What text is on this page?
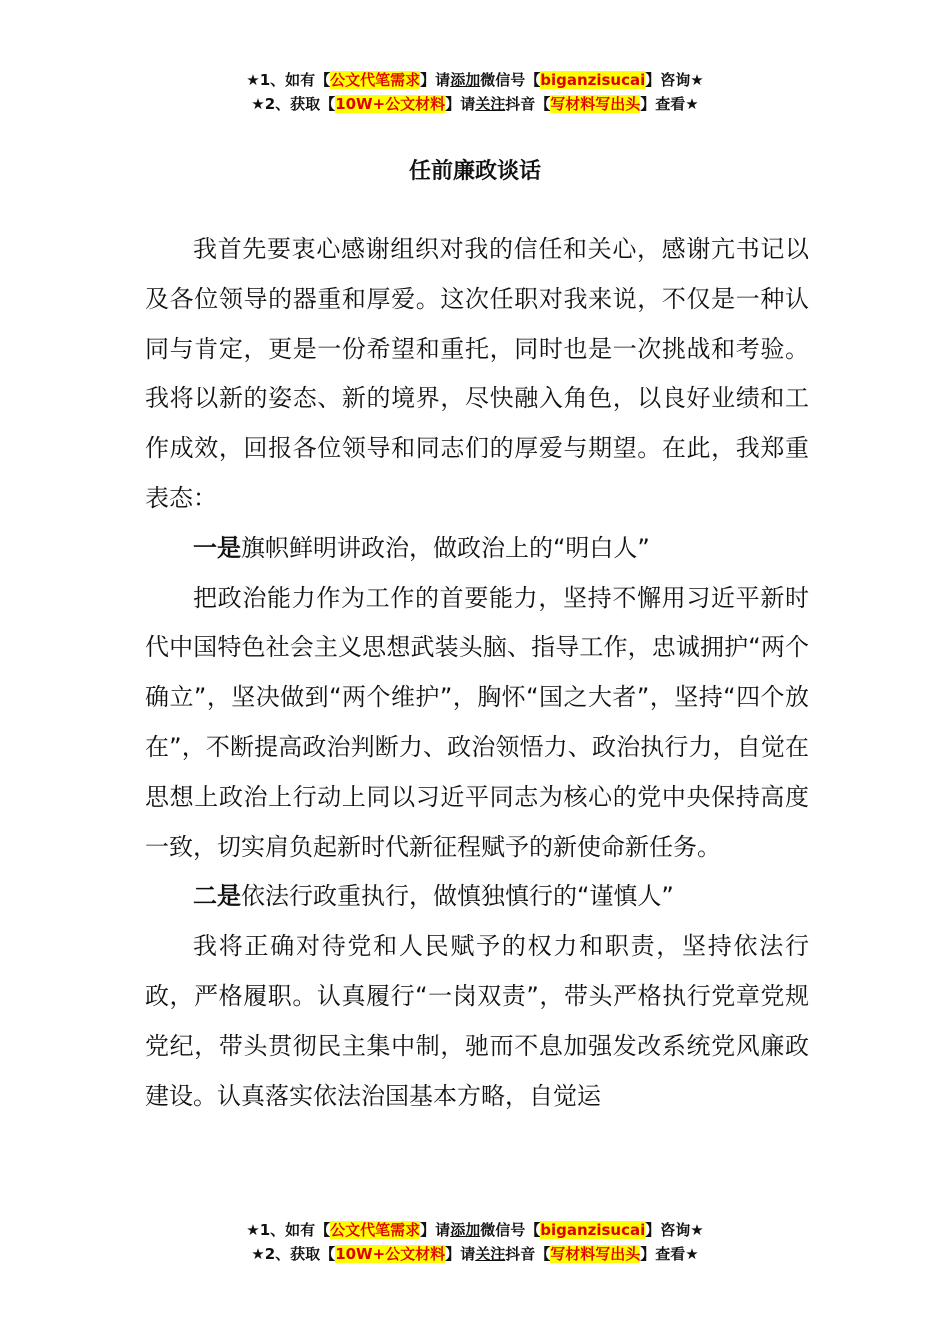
★1、如有【公文代笔需求】请添加微信号【biganzisucai】咨询★
★2、获取【10W+公文材料】请关注抖音【写材料写出头】查看★
任前廉政谈话

我首先要衷心感谢组织对我的信任和关心，感谢亢书记以及各位领导的器重和厚爱。这次任职对我来说，不仅是一种认同与肯定，更是一份希望和重托，同时也是一次挑战和考验。我将以新的姿态、新的境界，尽快融入角色，以良好业绩和工作成效，回报各位领导和同志们的厚爱与期望。在此，我郑重表态：

一是旗帜鲜明讲政治，做政治上的“明白人”

把政治能力作为工作的首要能力，坚持不懈用习近平新时代中国特色社会主义思想武装头脑、指导工作，忠诚拥护“两个确立”，坚决做到“两个维护”，胸怀“国之大者”，坚持“四个放在”，不断提高政治判断力、政治领悟力、政治执行力，自觉在思想上政治上行动上同以习近平同志为核心的党中央保持高度一致，切实肩负起新时代新征程赋予的新使命新任务。

二是依法行政重执行，做慎独慎行的“谨慎人”

我将正确对待党和人民赋予的权力和职责，坚持依法行政，严格履职。认真履行“一岗双责”，带头严格执行党章党规党纪，带头贯彻民主集中制，驰而不息加强发改系统党风廉政建设。认真落实依法治国基本方略，自觉运

★1、如有【公文代笔需求】请添加微信号【biganzisucai】咨询★
★2、获取【10W+公文材料】请关注抖音【写材料写出头】查看★
